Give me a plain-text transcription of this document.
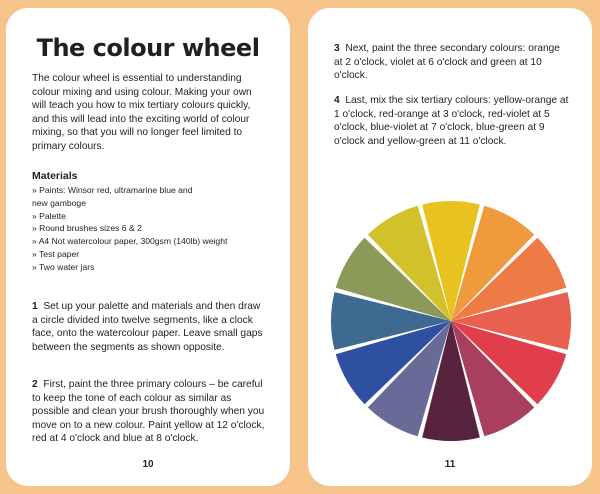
The colour wheel

The colour wheel is essential to understanding colour mixing and using colour. Making your own will teach you how to mix tertiary colours quickly, and this will lead into the exciting world of colour mixing, so that you will no longer feel limited to primary colours.

Materials
» Paints: Winsor red, ultramarine blue and
new gamboge
» Palette
» Round brushes sizes 6 & 2
» A4 Not watercolour paper, 300gsm (140lb) weight
» Test paper
» Two water jars

1 Set up your palette and materials and then draw a circle divided into twelve segments, like a clock face, onto the watercolour paper. Leave small gaps between the segments as shown opposite.

2 First, paint the three primary colours – be careful to keep the tone of each colour as similar as possible and clean your brush thoroughly when you move on to a new colour. Paint yellow at 12 o'clock, red at 4 o'clock and blue at 8 o'clock.

10

3 Next, paint the three secondary colours: orange at 2 o'clock, violet at 6 o'clock and green at 10 o'clock.

4 Last, mix the six tertiary colours: yellow-orange at 1 o'clock, red-orange at 3 o'clock, red-violet at 5 o'clock, blue-violet at 7 o'clock, blue-green at 9 o'clock and yellow-green at 11 o'clock.

11
